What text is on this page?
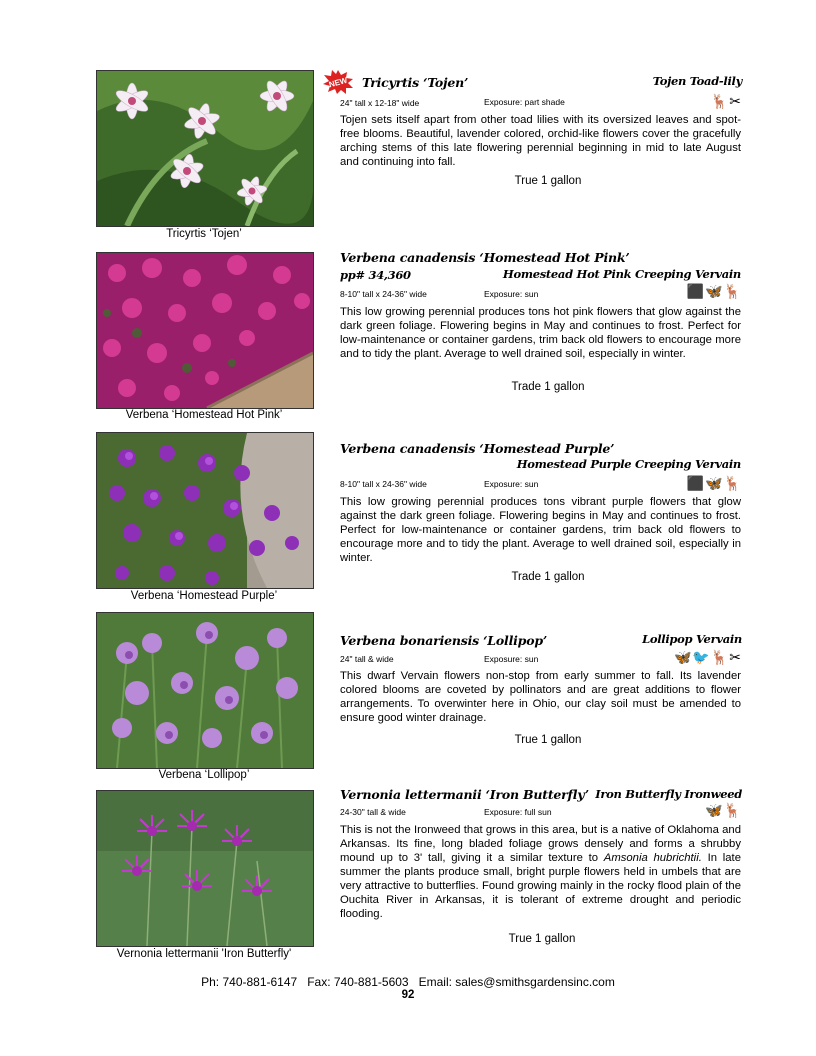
Tricyrtis ‘Tojen’
NEW Tricyrtis ‘Tojen’	Tojen Toad-lily
24" tall x 12-18" wide	Exposure: part shade	🦌✂
Tojen sets itself apart from other toad lilies with its oversized leaves and spot-free blooms. Beautiful, lavender colored, orchid-like flowers cover the gracefully arching stems of this late flowering perennial beginning in mid to late August and continuing into fall.
True 1 gallon
Verbena ‘Homestead Hot Pink’
Verbena canadensis ‘Homestead Hot Pink’
pp# 34,360	Homestead Hot Pink Creeping Vervain
8-10" tall x 24-36" wide	Exposure: sun	⬛🦋🦌
This low growing perennial produces tons hot pink flowers that glow against the dark green foliage. Flowering begins in May and continues to frost. Perfect for low-maintenance or container gardens, trim back old flowers to encourage more and to tidy the plant. Average to well drained soil, especially in winter.
Trade 1 gallon
Verbena ‘Homestead Purple’
Verbena canadensis ‘Homestead Purple’
Homestead Purple Creeping Vervain
8-10" tall x 24-36" wide	Exposure: sun	⬛🦋🦌
This low growing perennial produces tons vibrant purple flowers that glow against the dark green foliage. Flowering begins in May and continues to frost. Perfect for low-maintenance or container gardens, trim back old flowers to encourage more and to tidy the plant. Average to well drained soil, especially in winter.
Trade 1 gallon
Verbena ‘Lollipop’
Verbena bonariensis ‘Lollipop’	Lollipop Vervain
24" tall & wide	Exposure: sun	🦋🐦🦌✂
This dwarf Vervain flowers non-stop from early summer to fall. Its lavender colored blooms are coveted by pollinators and are great additions to flower arrangements. To overwinter here in Ohio, our clay soil must be amended to ensure good winter drainage.
True 1 gallon
Vernonia lettermanii 'Iron Butterfly'
Vernonia lettermanii ‘Iron Butterfly’ Iron Butterfly Ironweed
24-30" tall & wide	Exposure: full sun	🦋🦌
This is not the Ironweed that grows in this area, but is a native of Oklahoma and Arkansas. Its fine, long bladed foliage grows densely and forms a shrubby mound up to 3' tall, giving it a similar texture to Amsonia hubrichtii. In late summer the plants produce small, bright purple flowers held in umbels that are very attractive to butterflies. Found growing mainly in the rocky flood plain of the Ouchita River in Arkansas, it is tolerant of extreme drought and periodic flooding.
True 1 gallon
Ph: 740-881-6147   Fax: 740-881-5603   Email: sales@smithsgardensinc.com
92
